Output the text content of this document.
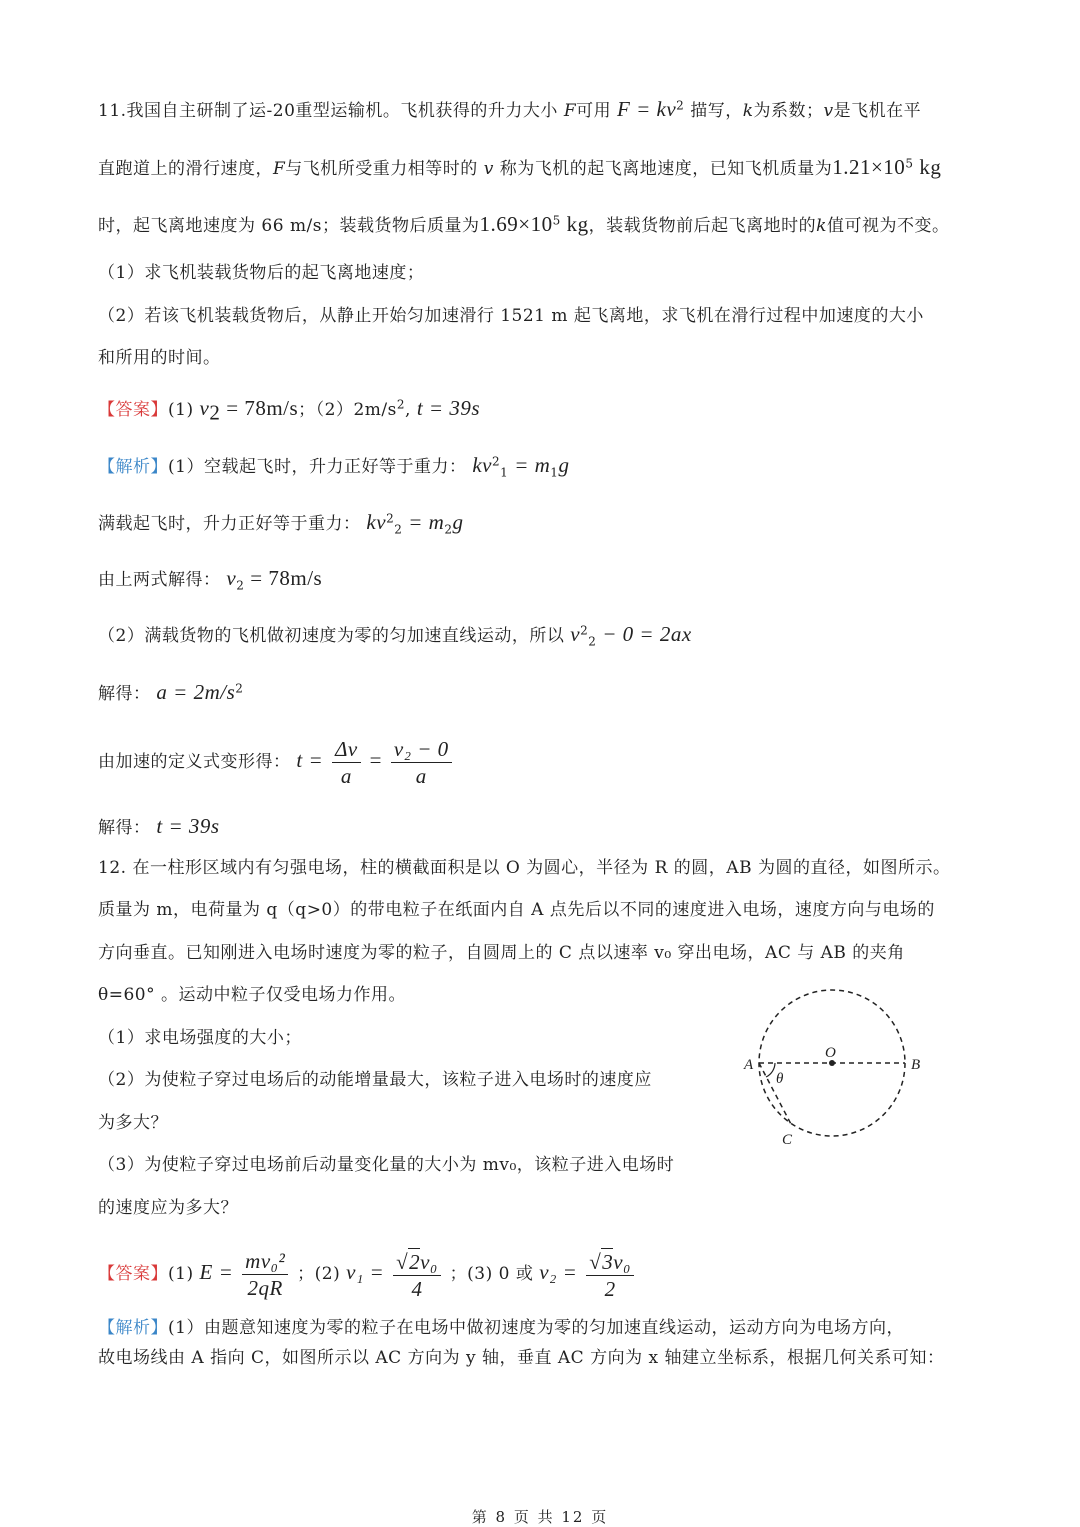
11.我国自主研制了运-20重型运输机。飞机获得的升力大小 F可用 $F = kv^2$ 描写，k为系数；v是飞机在平
直跑道上的滑行速度，F与飞机所受重力相等时的 v 称为飞机的起飞离地速度，已知飞机质量为$1.21\times 10^5$ kg
时，起飞离地速度为 66 m/s；装载货物后质量为$1.69\times 10^5$ kg，装载货物前后起飞离地时的k值可视为不变。
（1）求飞机装载货物后的起飞离地速度；
（2）若该飞机装载货物后，从静止开始匀加速滑行 1521 m 起飞离地，求飞机在滑行过程中加速度的大小
和所用的时间。
【答案】(1) $v_2 = 78m/s$；$(2)2m/s^2$, t = 39s
【解析】(1）空载起飞时，升力正好等于重力： $kv^2_1 = m_1g$
满载起飞时，升力正好等于重力： $kv^2_2 = m_2g$
由上两式解得： $v_2 = 78m/s$
（2）满载货物的飞机做初速度为零的匀加速直线运动，所以 $v^2_2 - 0 = 2ax$
解得： $a = 2m/s^2$
由加速的定义式变形得： $t = \frac{\Delta v}{a} = \frac{\text{v₂ − 0}}{a}$
解得： t = 39s
12. 在一柱形区域内有匀强电场，柱的横截面积是以 O 为圆心，半径为 R 的圆，AB 为圆的直径，如图所示。
质量为 m，电荷量为 q（q>0）的带电粒子在纸面内自 A 点先后以不同的速度进入电场，速度方向与电场的
方向垂直。已知刚进入电场时速度为零的粒子，自圆周上的 C 点以速率 v₀ 穿出电场，AC 与 AB 的夹角
θ=60° 。运动中粒子仅受电场力作用。
（1）求电场强度的大小；
（2）为使粒子穿过电场后的动能增量最大，该粒子进入电场时的速度应
为多大？
（3）为使粒子穿过电场前后动量变化量的大小为 mv₀，该粒子进入电场时
的速度应为多大？
O
A	B
C
θ
【答案】(1) $E = \frac{\text{mv₀²}}{2qR}$ ；(2) $v_1 = \frac{\text{√2v₀}}{4}$ ；(3) 0 或 $v_2 = \frac{\text{√3v₀}}{2}$
【解析】(1）由题意知速度为零的粒子在电场中做初速度为零的匀加速直线运动，运动方向为电场方向，
故电场线由 A 指向 C，如图所示以 AC 方向为 y 轴，垂直 AC 方向为 x 轴建立坐标系，根据几何关系可知：
第 8 页 共 12 页
